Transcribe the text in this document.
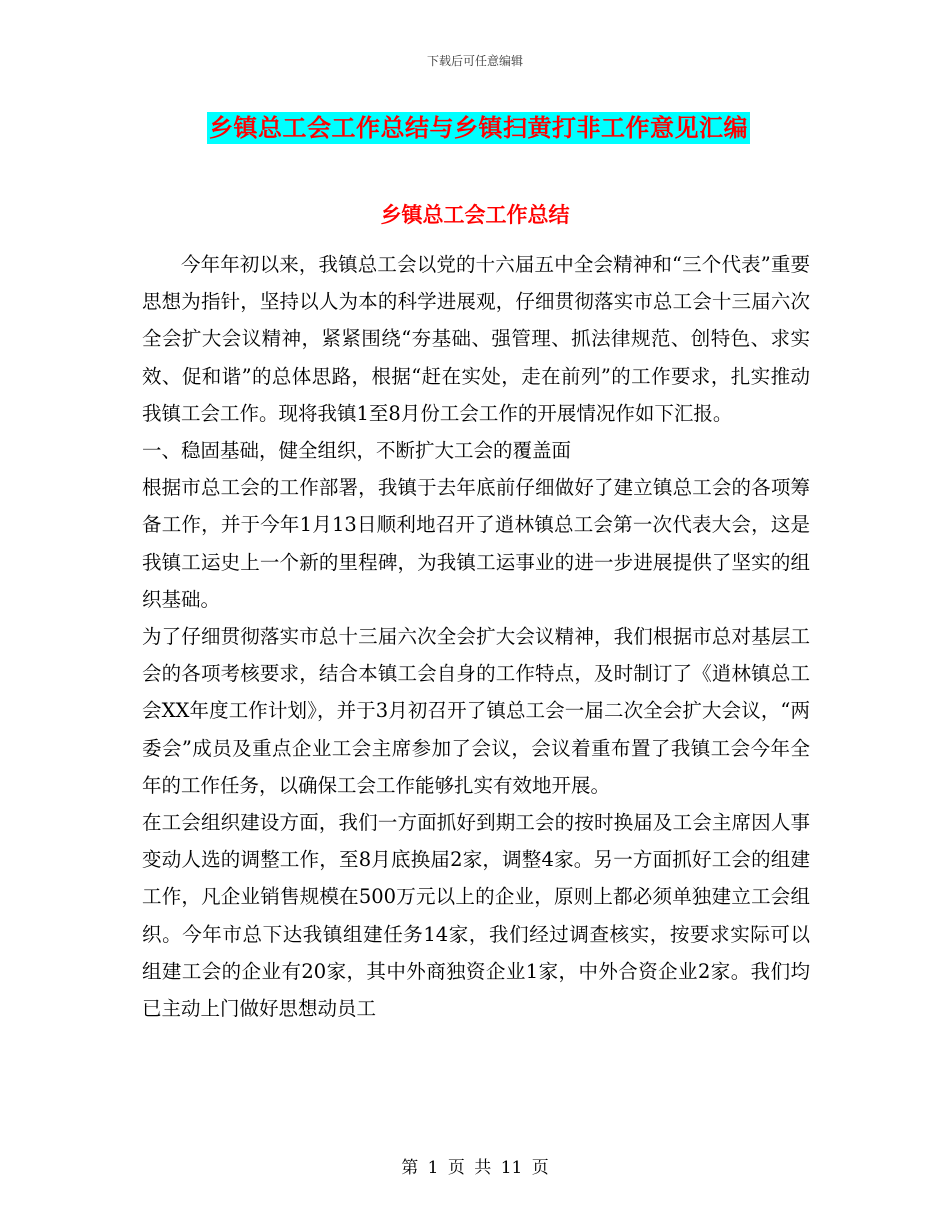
下载后可任意编辑
乡镇总工会工作总结与乡镇扫黄打非工作意见汇编
乡镇总工会工作总结

今年年初以来，我镇总工会以党的十六届五中全会精神和“三个代表”重要思想为指针，坚持以人为本的科学进展观，仔细贯彻落实市总工会十三届六次全会扩大会议精神，紧紧围绕“夯基础、强管理、抓法律规范、创特色、求实效、促和谐”的总体思路，根据“赶在实处，走在前列”的工作要求，扎实推动我镇工会工作。现将我镇1至8月份工会工作的开展情况作如下汇报。

一、稳固基础，健全组织，不断扩大工会的覆盖面

根据市总工会的工作部署，我镇于去年底前仔细做好了建立镇总工会的各项筹备工作，并于今年1月13日顺利地召开了逍林镇总工会第一次代表大会，这是我镇工运史上一个新的里程碑，为我镇工运事业的进一步进展提供了坚实的组织基础。

为了仔细贯彻落实市总十三届六次全会扩大会议精神，我们根据市总对基层工会的各项考核要求，结合本镇工会自身的工作特点，及时制订了《逍林镇总工会XX年度工作计划》，并于3月初召开了镇总工会一届二次全会扩大会议，“两委会”成员及重点企业工会主席参加了会议，会议着重布置了我镇工会今年全年的工作任务，以确保工会工作能够扎实有效地开展。

在工会组织建设方面，我们一方面抓好到期工会的按时换届及工会主席因人事变动人选的调整工作，至8月底换届2家，调整4家。另一方面抓好工会的组建工作，凡企业销售规模在500万元以上的企业，原则上都必须单独建立工会组织。今年市总下达我镇组建任务14家，我们经过调查核实，按要求实际可以组建工会的企业有20家，其中外商独资企业1家，中外合资企业2家。我们均已主动上门做好思想动员工

第 1 页 共 11 页
